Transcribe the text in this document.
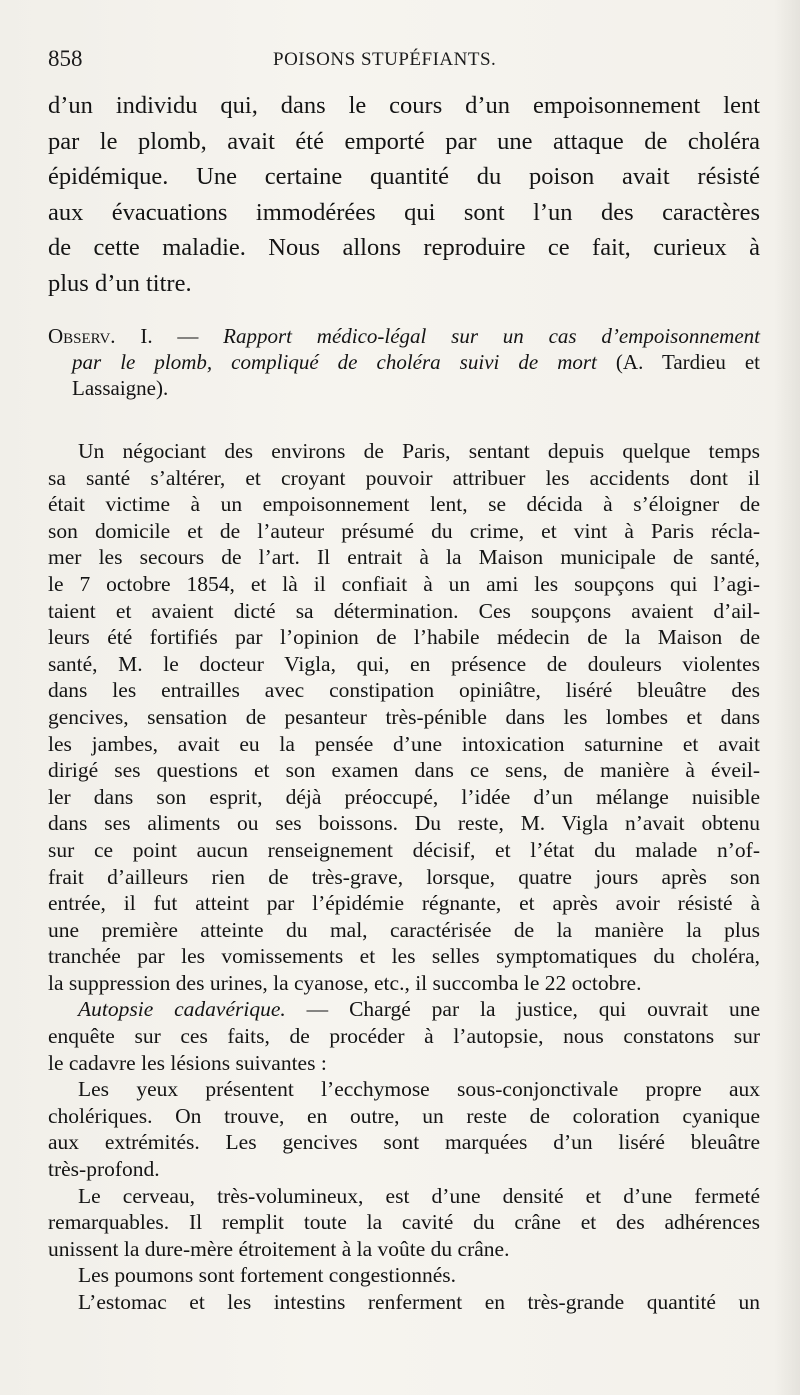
858	POISONS STUPÉFIANTS.
d’un individu qui, dans le cours d’un empoisonnement lent
par le plomb, avait été emporté par une attaque de choléra
épidémique. Une certaine quantité du poison avait résisté
aux évacuations immodérées qui sont l’un des caractères
de cette maladie. Nous allons reproduire ce fait, curieux à
plus d’un titre.
Observ. I. — Rapport médico-légal sur un cas d’empoisonnement
par le plomb, compliqué de choléra suivi de mort (A. Tardieu et
Lassaigne).
Un négociant des environs de Paris, sentant depuis quelque temps
sa santé s’altérer, et croyant pouvoir attribuer les accidents dont il
était victime à un empoisonnement lent, se décida à s’éloigner de
son domicile et de l’auteur présumé du crime, et vint à Paris récla-
mer les secours de l’art. Il entrait à la Maison municipale de santé,
le 7 octobre 1854, et là il confiait à un ami les soupçons qui l’agi-
taient et avaient dicté sa détermination. Ces soupçons avaient d’ail-
leurs été fortifiés par l’opinion de l’habile médecin de la Maison de
santé, M. le docteur Vigla, qui, en présence de douleurs violentes
dans les entrailles avec constipation opiniâtre, liséré bleuâtre des
gencives, sensation de pesanteur très-pénible dans les lombes et dans
les jambes, avait eu la pensée d’une intoxication saturnine et avait
dirigé ses questions et son examen dans ce sens, de manière à éveil-
ler dans son esprit, déjà préoccupé, l’idée d’un mélange nuisible
dans ses aliments ou ses boissons. Du reste, M. Vigla n’avait obtenu
sur ce point aucun renseignement décisif, et l’état du malade n’of-
frait d’ailleurs rien de très-grave, lorsque, quatre jours après son
entrée, il fut atteint par l’épidémie régnante, et après avoir résisté à
une première atteinte du mal, caractérisée de la manière la plus
tranchée par les vomissements et les selles symptomatiques du choléra,
la suppression des urines, la cyanose, etc., il succomba le 22 octobre.
Autopsie cadavérique. — Chargé par la justice, qui ouvrait une
enquête sur ces faits, de procéder à l’autopsie, nous constatons sur
le cadavre les lésions suivantes :
Les yeux présentent l’ecchymose sous-conjonctivale propre aux
cholériques. On trouve, en outre, un reste de coloration cyanique
aux extrémités. Les gencives sont marquées d’un liséré bleuâtre
très-profond.
Le cerveau, très-volumineux, est d’une densité et d’une fermeté
remarquables. Il remplit toute la cavité du crâne et des adhérences
unissent la dure-mère étroitement à la voûte du crâne.
Les poumons sont fortement congestionnés.
L’estomac et les intestins renferment en très-grande quantité un
